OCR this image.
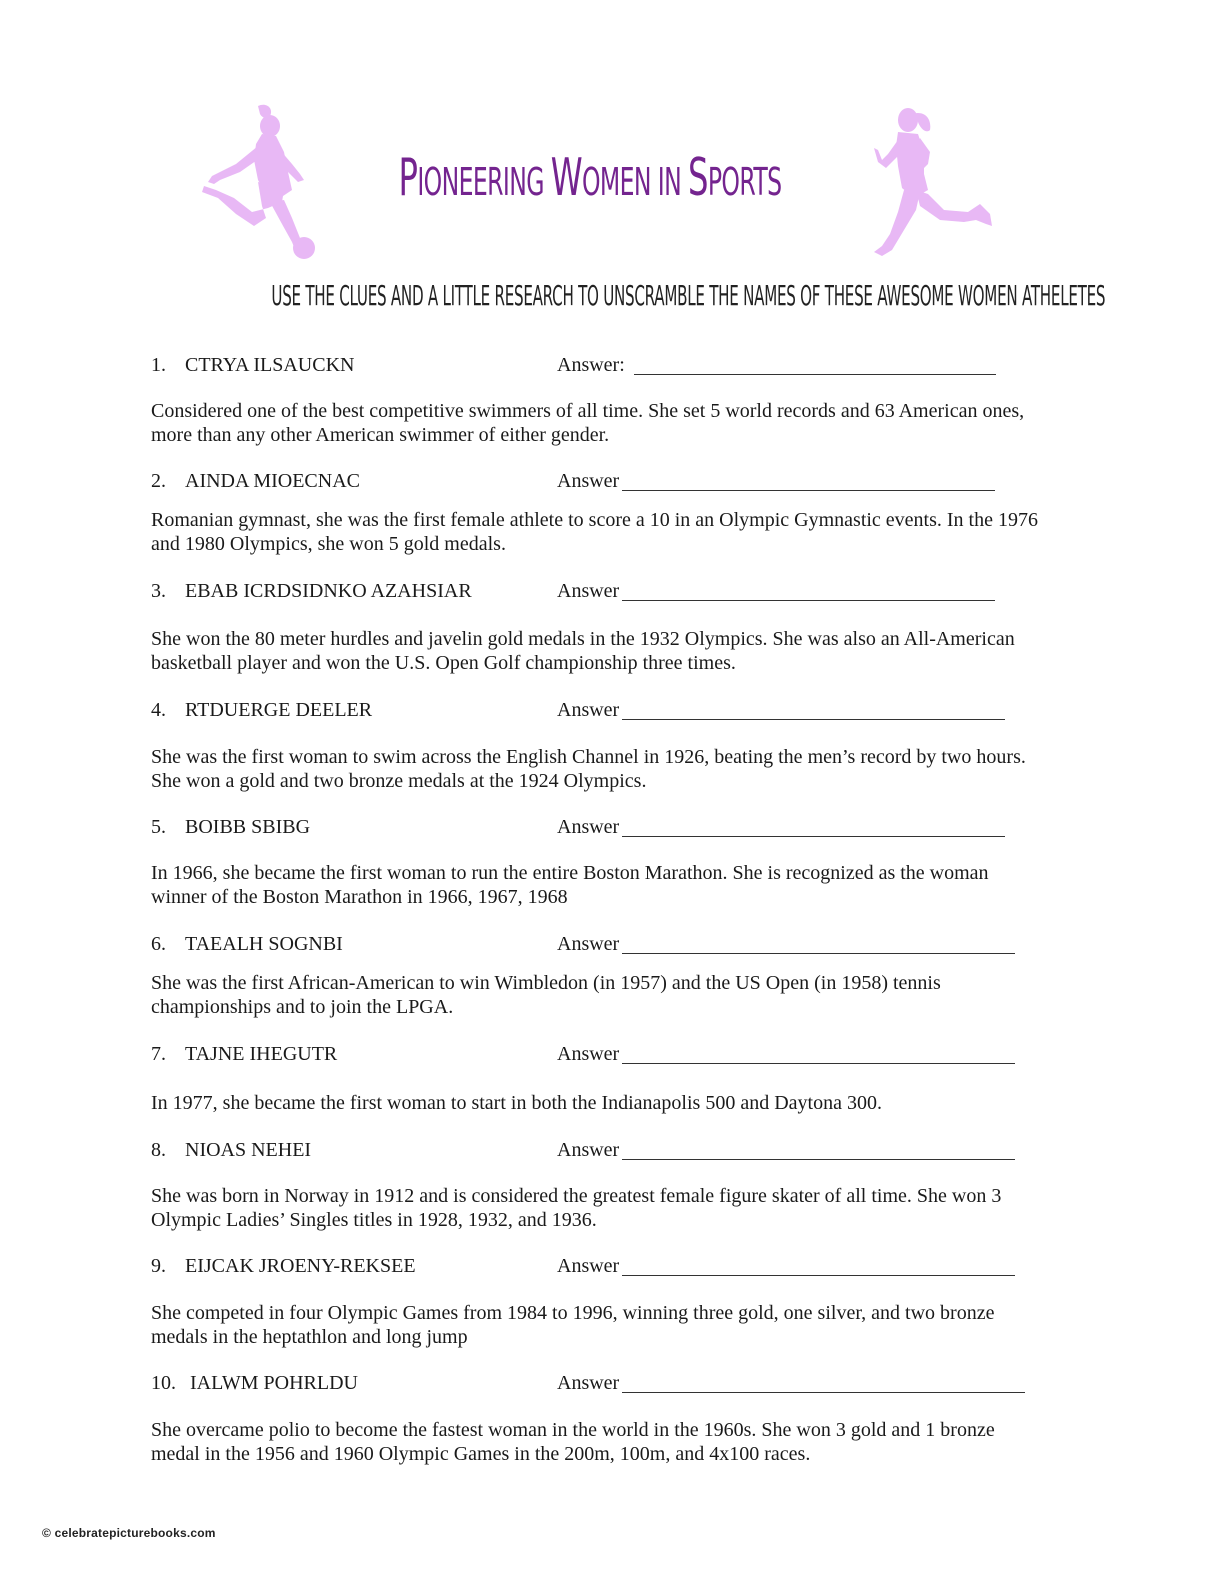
PIONEERING WOMEN IN SPORTS
USE THE CLUES AND A LITTLE RESEARCH TO UNSCRAMBLE THE NAMES OF THESE AWESOME WOMEN ATHELETES
1. CTRYA ILSAUCKN	Answer:

Considered one of the best competitive swimmers of all time. She set 5 world records and 63 American ones, more than any other American swimmer of either gender.

2. AINDA MIOECNAC	Answer

Romanian gymnast, she was the first female athlete to score a 10 in an Olympic Gymnastic events. In the 1976 and 1980 Olympics, she won 5 gold medals.

3. EBAB ICRDSIDNKO AZAHSIAR	Answer

She won the 80 meter hurdles and javelin gold medals in the 1932 Olympics. She was also an All-American basketball player and won the U.S. Open Golf championship three times.

4. RTDUERGE DEELER	Answer

She was the first woman to swim across the English Channel in 1926, beating the men’s record by two hours. She won a gold and two bronze medals at the 1924 Olympics.

5. BOIBB SBIBG	Answer

In 1966, she became the first woman to run the entire Boston Marathon. She is recognized as the woman winner of the Boston Marathon in 1966, 1967, 1968

6. TAEALH SOGNBI	Answer

She was the first African-American to win Wimbledon (in 1957) and the US Open (in 1958) tennis championships and to join the LPGA.

7. TAJNE IHEGUTR	Answer

In 1977, she became the first woman to start in both the Indianapolis 500 and Daytona 300.

8. NIOAS NEHEI	Answer

She was born in Norway in 1912 and is considered the greatest female figure skater of all time. She won 3 Olympic Ladies’ Singles titles in 1928, 1932, and 1936.

9. EIJCAK JROENY-REKSEE	Answer

She competed in four Olympic Games from 1984 to 1996, winning three gold, one silver, and two bronze medals in the heptathlon and long jump

10. IALWM POHRLDU	Answer

She overcame polio to become the fastest woman in the world in the 1960s. She won 3 gold and 1 bronze medal in the 1956 and 1960 Olympic Games in the 200m, 100m, and 4x100 races.

© celebratepicturebooks.com
